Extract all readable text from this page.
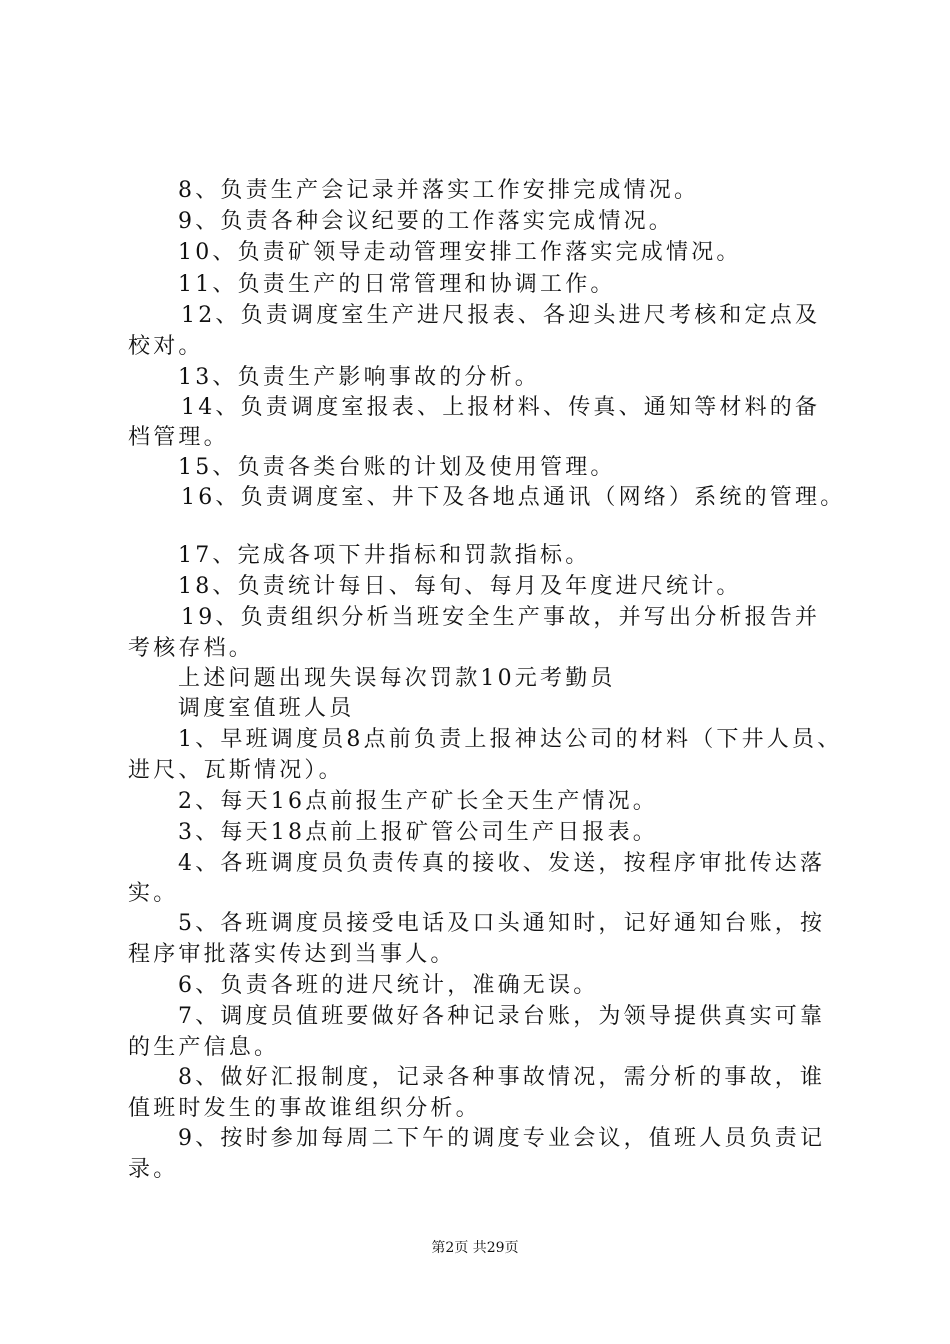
8、负责生产会记录并落实工作安排完成情况。
9、负责各种会议纪要的工作落实完成情况。
10、负责矿领导走动管理安排工作落实完成情况。
11、负责生产的日常管理和协调工作。
12、负责调度室生产进尺报表、各迎头进尺考核和定点及
校对。
13、负责生产影响事故的分析。
14、负责调度室报表、上报材料、传真、通知等材料的备
档管理。
15、负责各类台账的计划及使用管理。
16、负责调度室、井下及各地点通讯（网络）系统的管理。
17、完成各项下井指标和罚款指标。
18、负责统计每日、每旬、每月及年度进尺统计。
19、负责组织分析当班安全生产事故，并写出分析报告并
考核存档。
上述问题出现失误每次罚款10元考勤员
调度室值班人员
1、早班调度员8点前负责上报神达公司的材料（下井人员、
进尺、瓦斯情况）。
2、每天16点前报生产矿长全天生产情况。
3、每天18点前上报矿管公司生产日报表。
4、各班调度员负责传真的接收、发送，按程序审批传达落
实。
5、各班调度员接受电话及口头通知时，记好通知台账，按
程序审批落实传达到当事人。
6、负责各班的进尺统计，准确无误。
7、调度员值班要做好各种记录台账，为领导提供真实可靠
的生产信息。
8、做好汇报制度，记录各种事故情况，需分析的事故，谁
值班时发生的事故谁组织分析。
9、按时参加每周二下午的调度专业会议，值班人员负责记
录。
第2页 共29页
